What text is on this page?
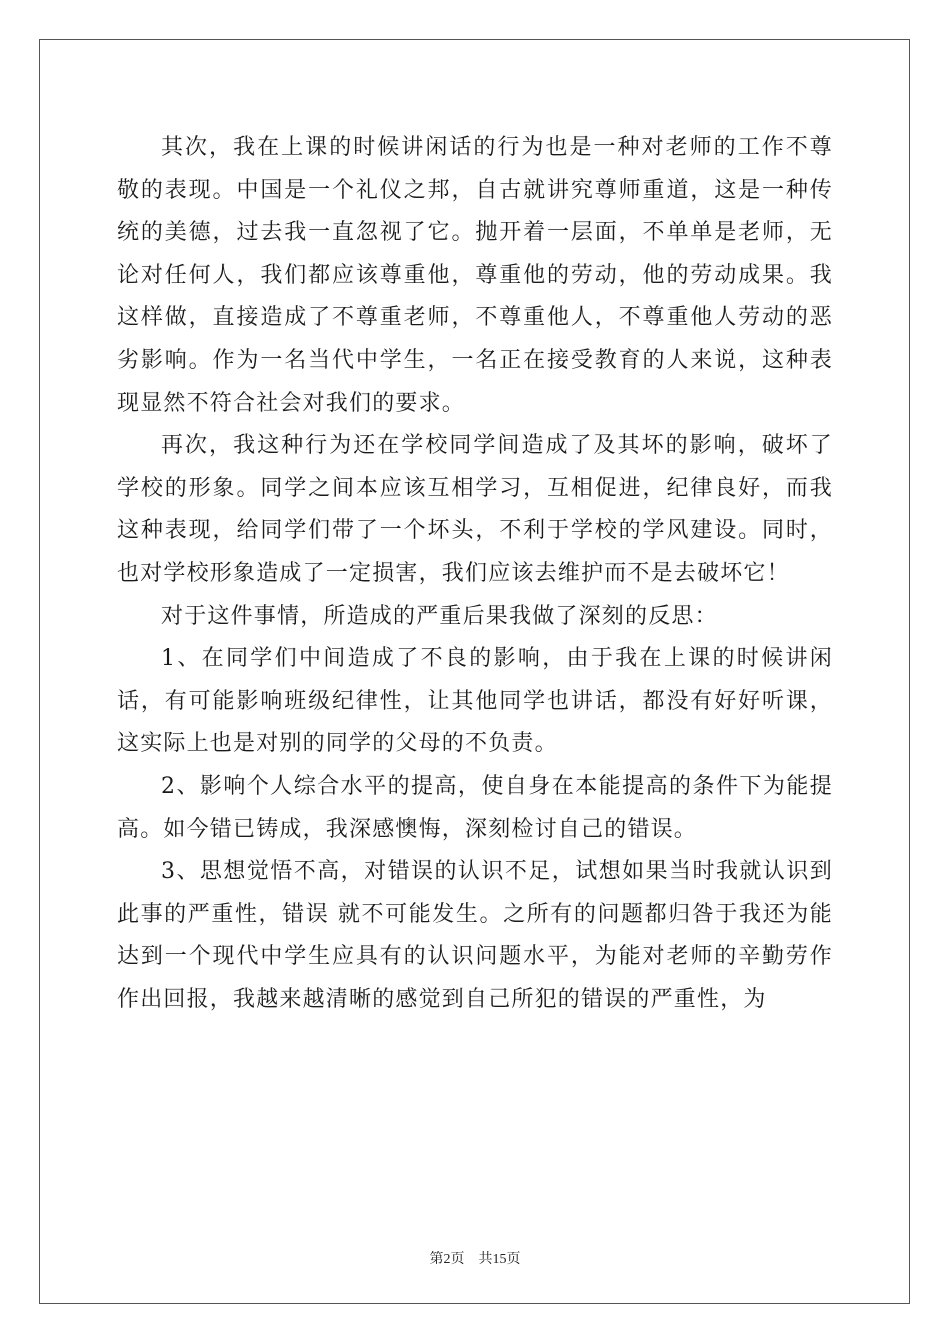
其次，我在上课的时候讲闲话的行为也是一种对老师的工作不尊敬的表现。中国是一个礼仪之邦，自古就讲究尊师重道，这是一种传统的美德，过去我一直忽视了它。抛开着一层面，不单单是老师，无论对任何人，我们都应该尊重他，尊重他的劳动，他的劳动成果。我这样做，直接造成了不尊重老师，不尊重他人，不尊重他人劳动的恶劣影响。作为一名当代中学生，一名正在接受教育的人来说，这种表现显然不符合社会对我们的要求。

再次，我这种行为还在学校同学间造成了及其坏的影响，破坏了学校的形象。同学之间本应该互相学习，互相促进，纪律良好，而我这种表现，给同学们带了一个坏头，不利于学校的学风建设。同时，也对学校形象造成了一定损害，我们应该去维护而不是去破坏它！

对于这件事情，所造成的严重后果我做了深刻的反思：

1、在同学们中间造成了不良的影响，由于我在上课的时候讲闲话，有可能影响班级纪律性，让其他同学也讲话，都没有好好听课，这实际上也是对别的同学的父母的不负责。

2、影响个人综合水平的提高，使自身在本能提高的条件下为能提高。如今错已铸成，我深感懊悔，深刻检讨自己的错误。

3、思想觉悟不高，对错误的认识不足，试想如果当时我就认识到此事的严重性，错误 就不可能发生。之所有的问题都归咎于我还为能达到一个现代中学生应具有的认识问题水平，为能对老师的辛勤劳作作出回报，我越来越清晰的感觉到自己所犯的错误的严重性，为

第2页 共15页
